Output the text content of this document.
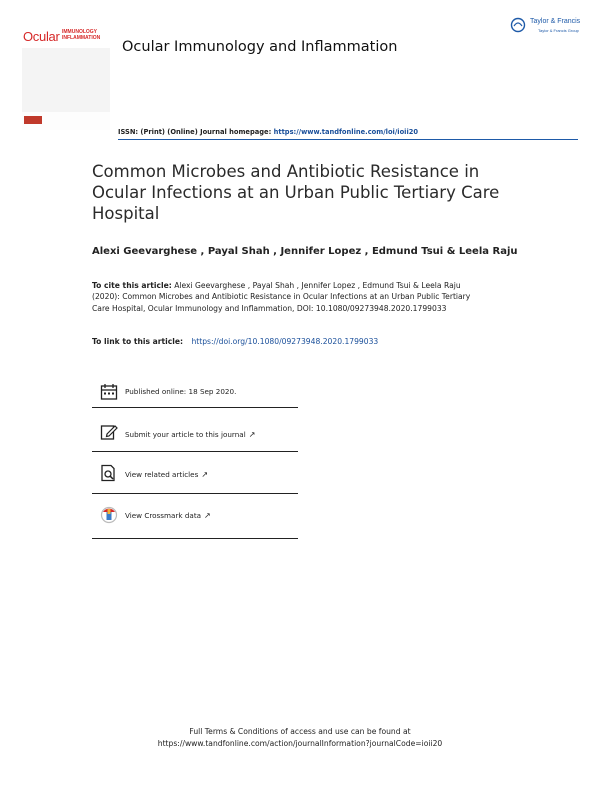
Ocular IMMUNOLOGY
INFLAMMATION
Ocular Immunology and Inflammation
Taylor & Francis
Taylor & Francis Group
ISSN: (Print) (Online) Journal homepage: https://www.tandfonline.com/loi/ioii20
Common Microbes and Antibiotic Resistance in Ocular Infections at an Urban Public Tertiary Care Hospital
Alexi Geevarghese , Payal Shah , Jennifer Lopez , Edmund Tsui & Leela Raju
To cite this article: Alexi Geevarghese , Payal Shah , Jennifer Lopez , Edmund Tsui & Leela Raju (2020): Common Microbes and Antibiotic Resistance in Ocular Infections at an Urban Public Tertiary Care Hospital, Ocular Immunology and Inflammation, DOI: 10.1080/09273948.2020.1799033
To link to this article: https://doi.org/10.1080/09273948.2020.1799033
Published online: 18 Sep 2020.
Submit your article to this journal ↗
View related articles ↗
View Crossmark data ↗
Full Terms & Conditions of access and use can be found at
https://www.tandfonline.com/action/journalInformation?journalCode=ioii20
